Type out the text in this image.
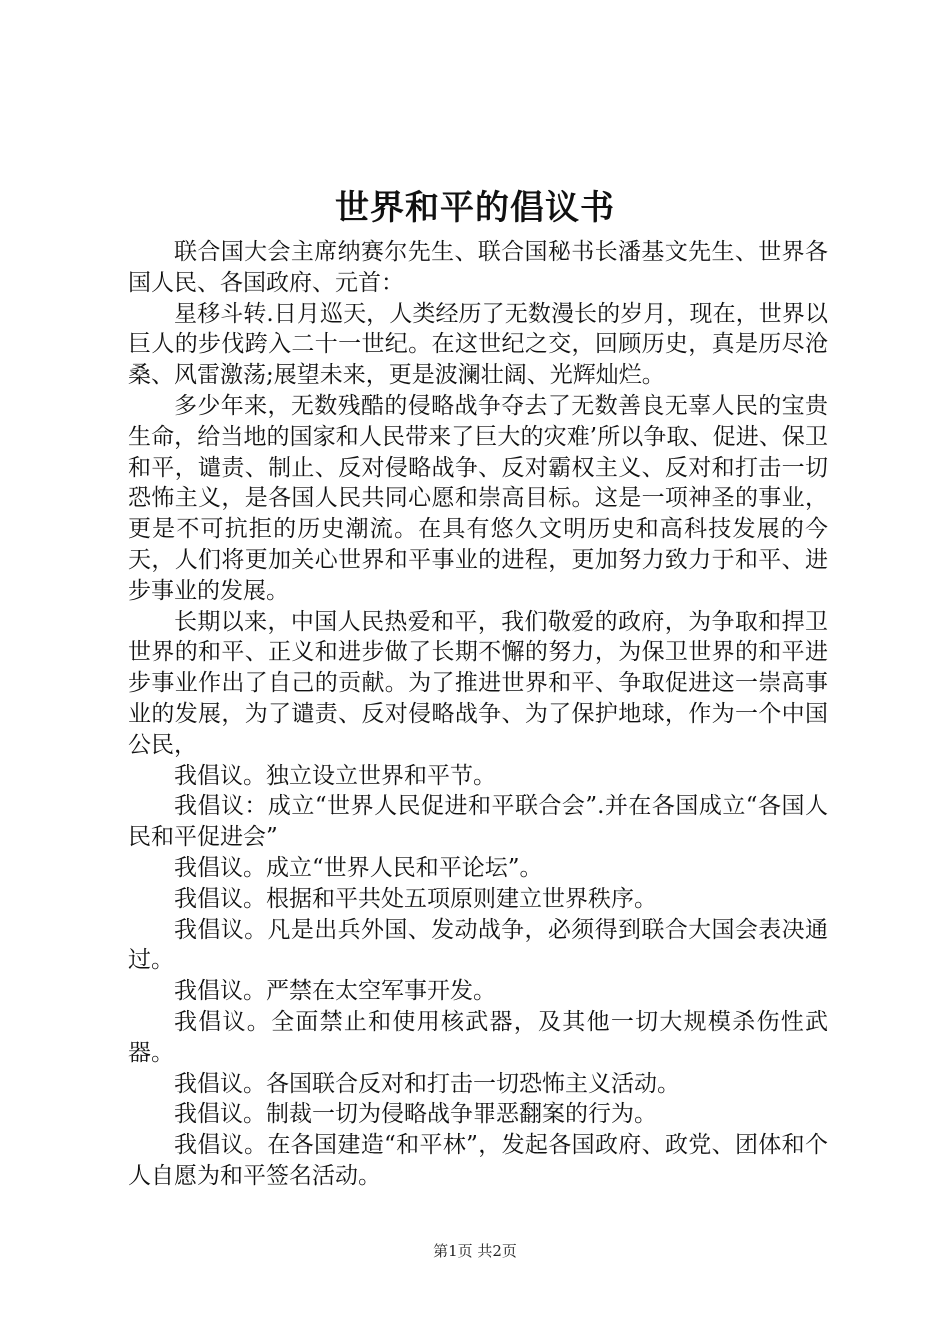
世界和平的倡议书

联合国大会主席纳赛尔先生、联合国秘书长潘基文先生、世界各国人民、各国政府、元首：

星移斗转.日月巡天，人类经历了无数漫长的岁月，现在，世界以巨人的步伐跨入二十一世纪。在这世纪之交，回顾历史，真是历尽沧桑、风雷激荡;展望未来，更是波澜壮阔、光辉灿烂。

多少年来，无数残酷的侵略战争夺去了无数善良无辜人民的宝贵生命，给当地的国家和人民带来了巨大的灾难’所以争取、促进、保卫和平，谴责、制止、反对侵略战争、反对霸权主义、反对和打击一切恐怖主义，是各国人民共同心愿和崇高目标。这是一项神圣的事业，更是不可抗拒的历史潮流。在具有悠久文明历史和高科技发展的今天，人们将更加关心世界和平事业的进程，更加努力致力于和平、进步事业的发展。

长期以来，中国人民热爱和平，我们敬爱的政府，为争取和捍卫世界的和平、正义和进步做了长期不懈的努力，为保卫世界的和平进步事业作出了自己的贡献。为了推进世界和平、争取促进这一崇高事业的发展，为了谴责、反对侵略战争、为了保护地球，作为一个中国公民，

我倡议。独立设立世界和平节。

我倡议：成立“世界人民促进和平联合会”.并在各国成立“各国人民和平促进会”

我倡议。成立“世界人民和平论坛”。

我倡议。根据和平共处五项原则建立世界秩序。

我倡议。凡是出兵外国、发动战争，必须得到联合大国会表决通过。

我倡议。严禁在太空军事开发。

我倡议。全面禁止和使用核武器，及其他一切大规模杀伤性武器。

我倡议。各国联合反对和打击一切恐怖主义活动。

我倡议。制裁一切为侵略战争罪恶翻案的行为。

我倡议。在各国建造“和平林”，发起各国政府、政党、团体和个人自愿为和平签名活动。

第1页 共2页
